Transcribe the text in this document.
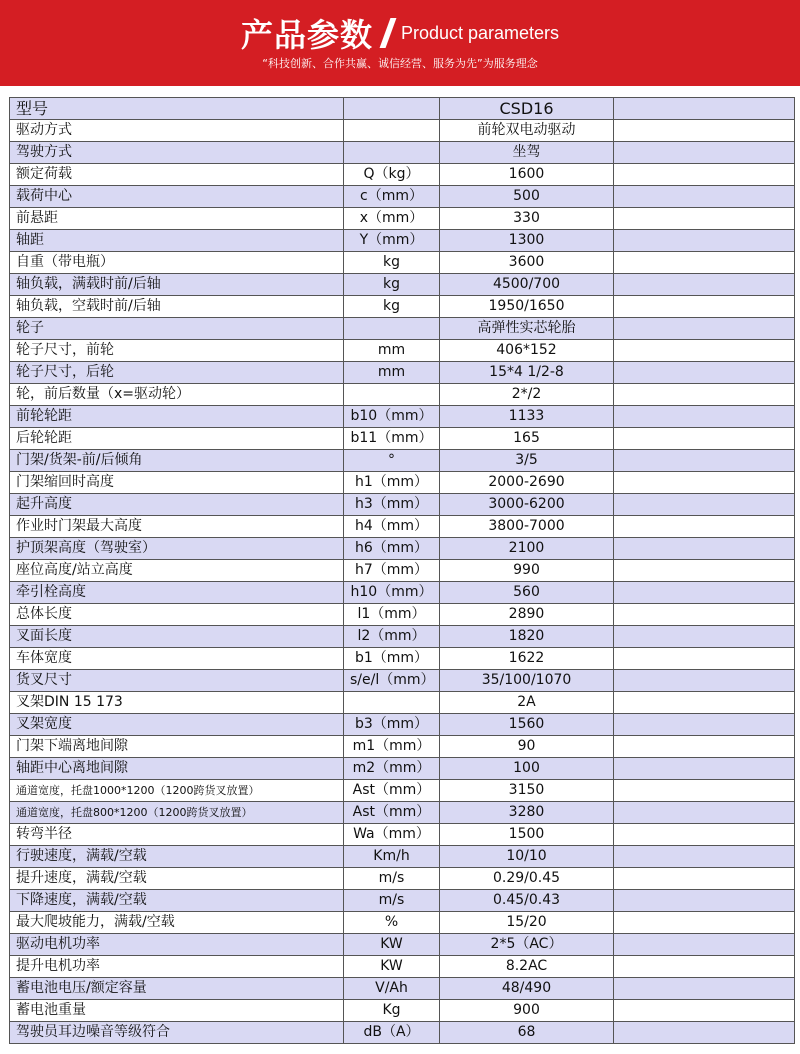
产品参数 Product parameters
“科技创新、合作共赢、诚信经营、服务为先”为服务理念
型号		CSD16	
驱动方式		前轮双电动驱动	
驾驶方式		坐驾	
额定荷载	Q（kg）	1600	
载荷中心	c（mm）	500	
前悬距	x（mm）	330	
轴距	Y（mm）	1300	
自重（带电瓶）	kg	3600	
轴负载，满载时前/后轴	kg	4500/700	
轴负载，空载时前/后轴	kg	1950/1650	
轮子		高弹性实芯轮胎	
轮子尺寸，前轮	mm	406*152	
轮子尺寸，后轮	mm	15*4 1/2-8	
轮，前后数量（x=驱动轮）		2*/2	
前轮轮距	b10（mm）	1133	
后轮轮距	b11（mm）	165	
门架/货架-前/后倾角	°	3/5	
门架缩回时高度	h1（mm）	2000-2690	
起升高度	h3（mm）	3000-6200	
作业时门架最大高度	h4（mm）	3800-7000	
护顶架高度（驾驶室）	h6（mm）	2100	
座位高度/站立高度	h7（mm）	990	
牵引栓高度	h10（mm）	560	
总体长度	l1（mm）	2890	
叉面长度	l2（mm）	1820	
车体宽度	b1（mm）	1622	
货叉尺寸	s/e/l（mm）	35/100/1070	
叉架DIN 15 173		2A	
叉架宽度	b3（mm）	1560	
门架下端离地间隙	m1（mm）	90	
轴距中心离地间隙	m2（mm）	100	
通道宽度，托盘1000*1200（1200跨货叉放置）	Ast（mm）	3150	
通道宽度，托盘800*1200（1200跨货叉放置）	Ast（mm）	3280	
转弯半径	Wa（mm）	1500	
行驶速度，满载/空载	Km/h	10/10	
提升速度，满载/空载	m/s	0.29/0.45	
下降速度，满载/空载	m/s	0.45/0.43	
最大爬坡能力，满载/空载	%	15/20	
驱动电机功率	KW	2*5（AC）	
提升电机功率	KW	8.2AC	
蓄电池电压/额定容量	V/Ah	48/490	
蓄电池重量	Kg	900	
驾驶员耳边噪音等级符合	dB（A）	68	
